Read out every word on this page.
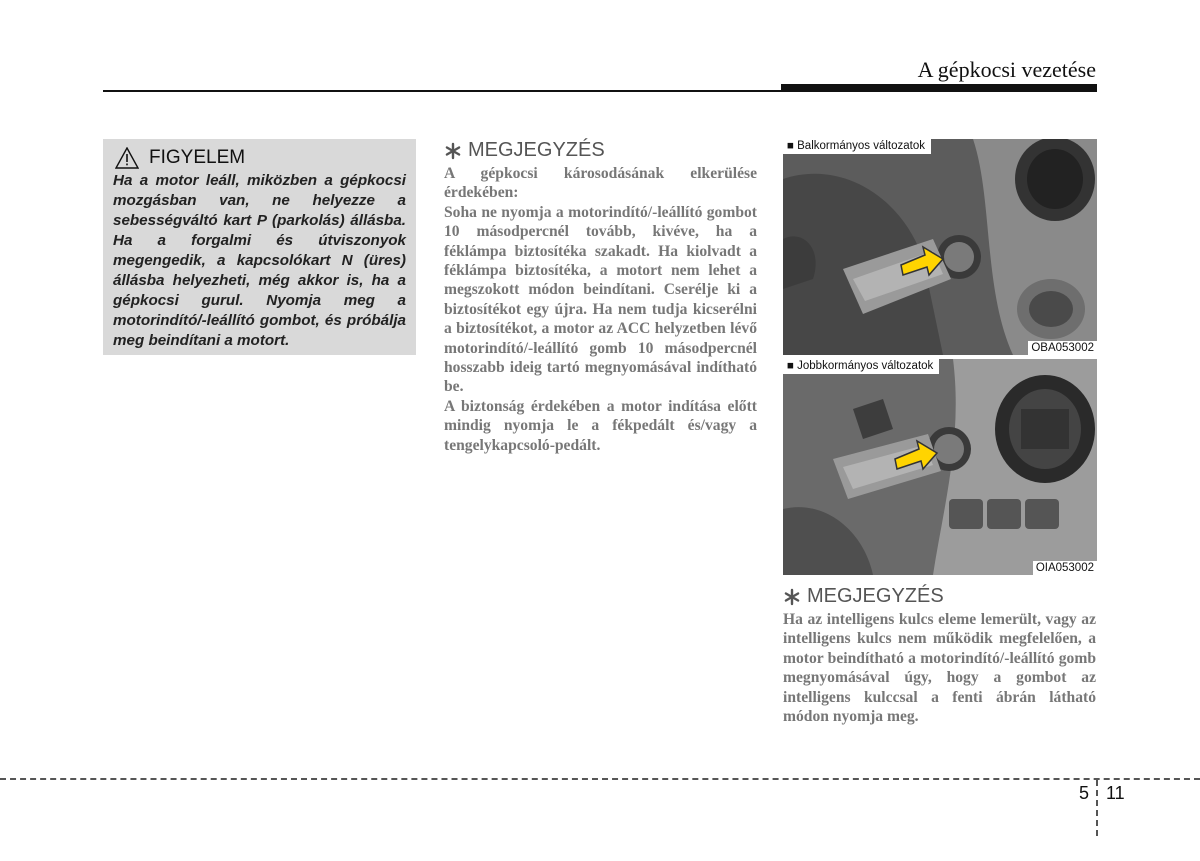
A gépkocsi vezetése
FIGYELEM
Ha a motor leáll, miközben a gépkocsi mozgásban van, ne helyezze a sebességváltó kart P (parkolás) állásba. Ha a forgalmi és útviszonyok megengedik, a kapcsolókart N (üres) állásba helyezheti, még akkor is, ha a gépkocsi gurul. Nyomja meg a motorindító/-leállító gombot, és próbálja meg beindítani a motort.
MEGJEGYZÉS
A gépkocsi károsodásának elkerülése érdekében:
Soha ne nyomja a motorindító/-leállító gombot 10 másodpercnél tovább, kivéve, ha a féklámpa biztosítéka szakadt. Ha kiolvadt a féklámpa biztosítéka, a motort nem lehet a megszokott módon beindítani. Cserélje ki a biztosítékot egy újra. Ha nem tudja kicserélni a biztosítékot, a motor az ACC helyzetben lévő motorindító/-leállító gomb 10 másodpercnél hosszabb ideig tartó megnyomásával indítható be.
A biztonság érdekében a motor indítása előtt mindig nyomja le a fékpedált és/vagy a tengelykapcsoló-pedált.
■ Balkormányos változatok
OBA053002
■ Jobbkormányos változatok
OIA053002
MEGJEGYZÉS
Ha az intelligens kulcs eleme lemerült, vagy az intelligens kulcs nem működik megfelelően, a motor beindítható a motorindító/-leállító gomb megnyomásával úgy, hogy a gombot az intelligens kulccsal a fenti ábrán látható módon nyomja meg.
5 11
